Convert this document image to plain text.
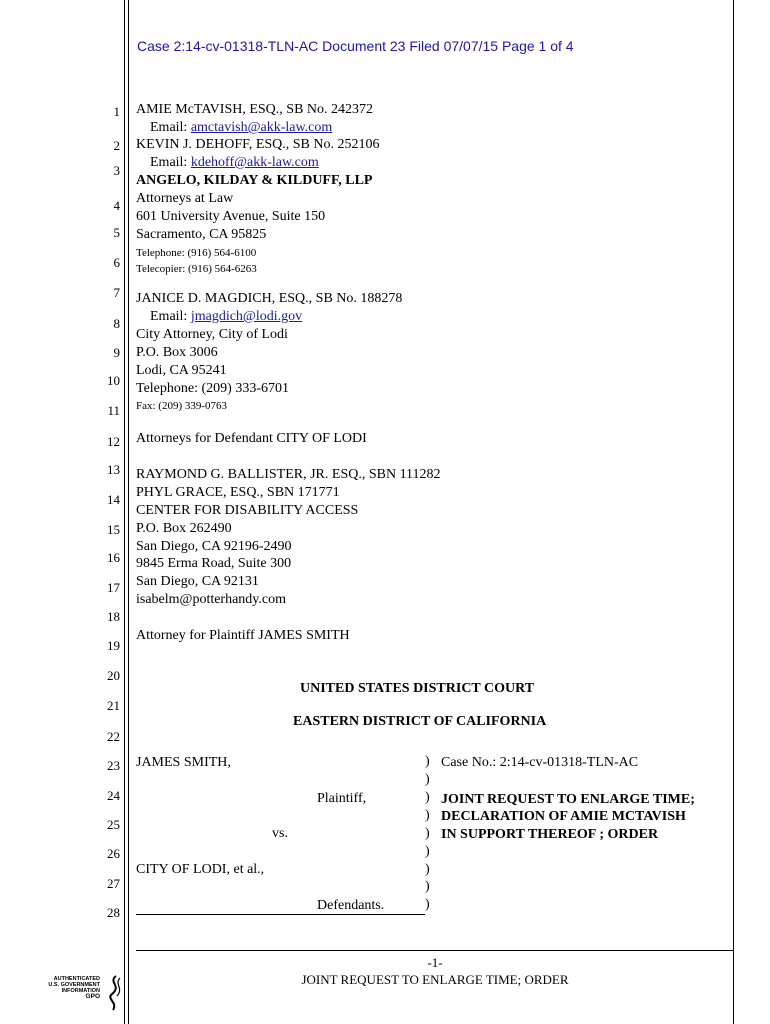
Case 2:14-cv-01318-TLN-AC Document 23 Filed 07/07/15 Page 1 of 4
1
2
3
4
5
6
7
8
9
10
11
12
13
14
15
16
17
18
19
20
21
22
23
24
25
26
27
28
AMIE McTAVISH, ESQ., SB No. 242372
Email: amctavish@akk-law.com
KEVIN J. DEHOFF, ESQ., SB No. 252106
Email: kdehoff@akk-law.com
ANGELO, KILDAY & KILDUFF, LLP
Attorneys at Law
601 University Avenue, Suite 150
Sacramento, CA 95825
Telephone: (916) 564-6100
Telecopier: (916) 564-6263
JANICE D. MAGDICH, ESQ., SB No. 188278
Email: jmagdich@lodi.gov
City Attorney, City of Lodi
P.O. Box 3006
Lodi, CA 95241
Telephone: (209) 333-6701
Fax: (209) 339-0763
Attorneys for Defendant CITY OF LODI
RAYMOND G. BALLISTER, JR. ESQ., SBN 111282
PHYL GRACE, ESQ., SBN 171771
CENTER FOR DISABILITY ACCESS
P.O. Box 262490
San Diego, CA 92196-2490
9845 Erma Road, Suite 300
San Diego, CA 92131
isabelm@potterhandy.com
Attorney for Plaintiff JAMES SMITH
UNITED STATES DISTRICT COURT
EASTERN DISTRICT OF CALIFORNIA
JAMES SMITH,
Plaintiff,
vs.
CITY OF LODI, et al.,
Defendants.
)
)
)
)
)
)
)
)
)
Case No.: 2:14-cv-01318-TLN-AC
JOINT REQUEST TO ENLARGE TIME;
DECLARATION OF AMIE MCTAVISH
IN SUPPORT THEREOF ; ORDER
-1-
JOINT REQUEST TO ENLARGE TIME; ORDER
AUTHENTICATED
U.S. GOVERNMENT
INFORMATION
GPO
